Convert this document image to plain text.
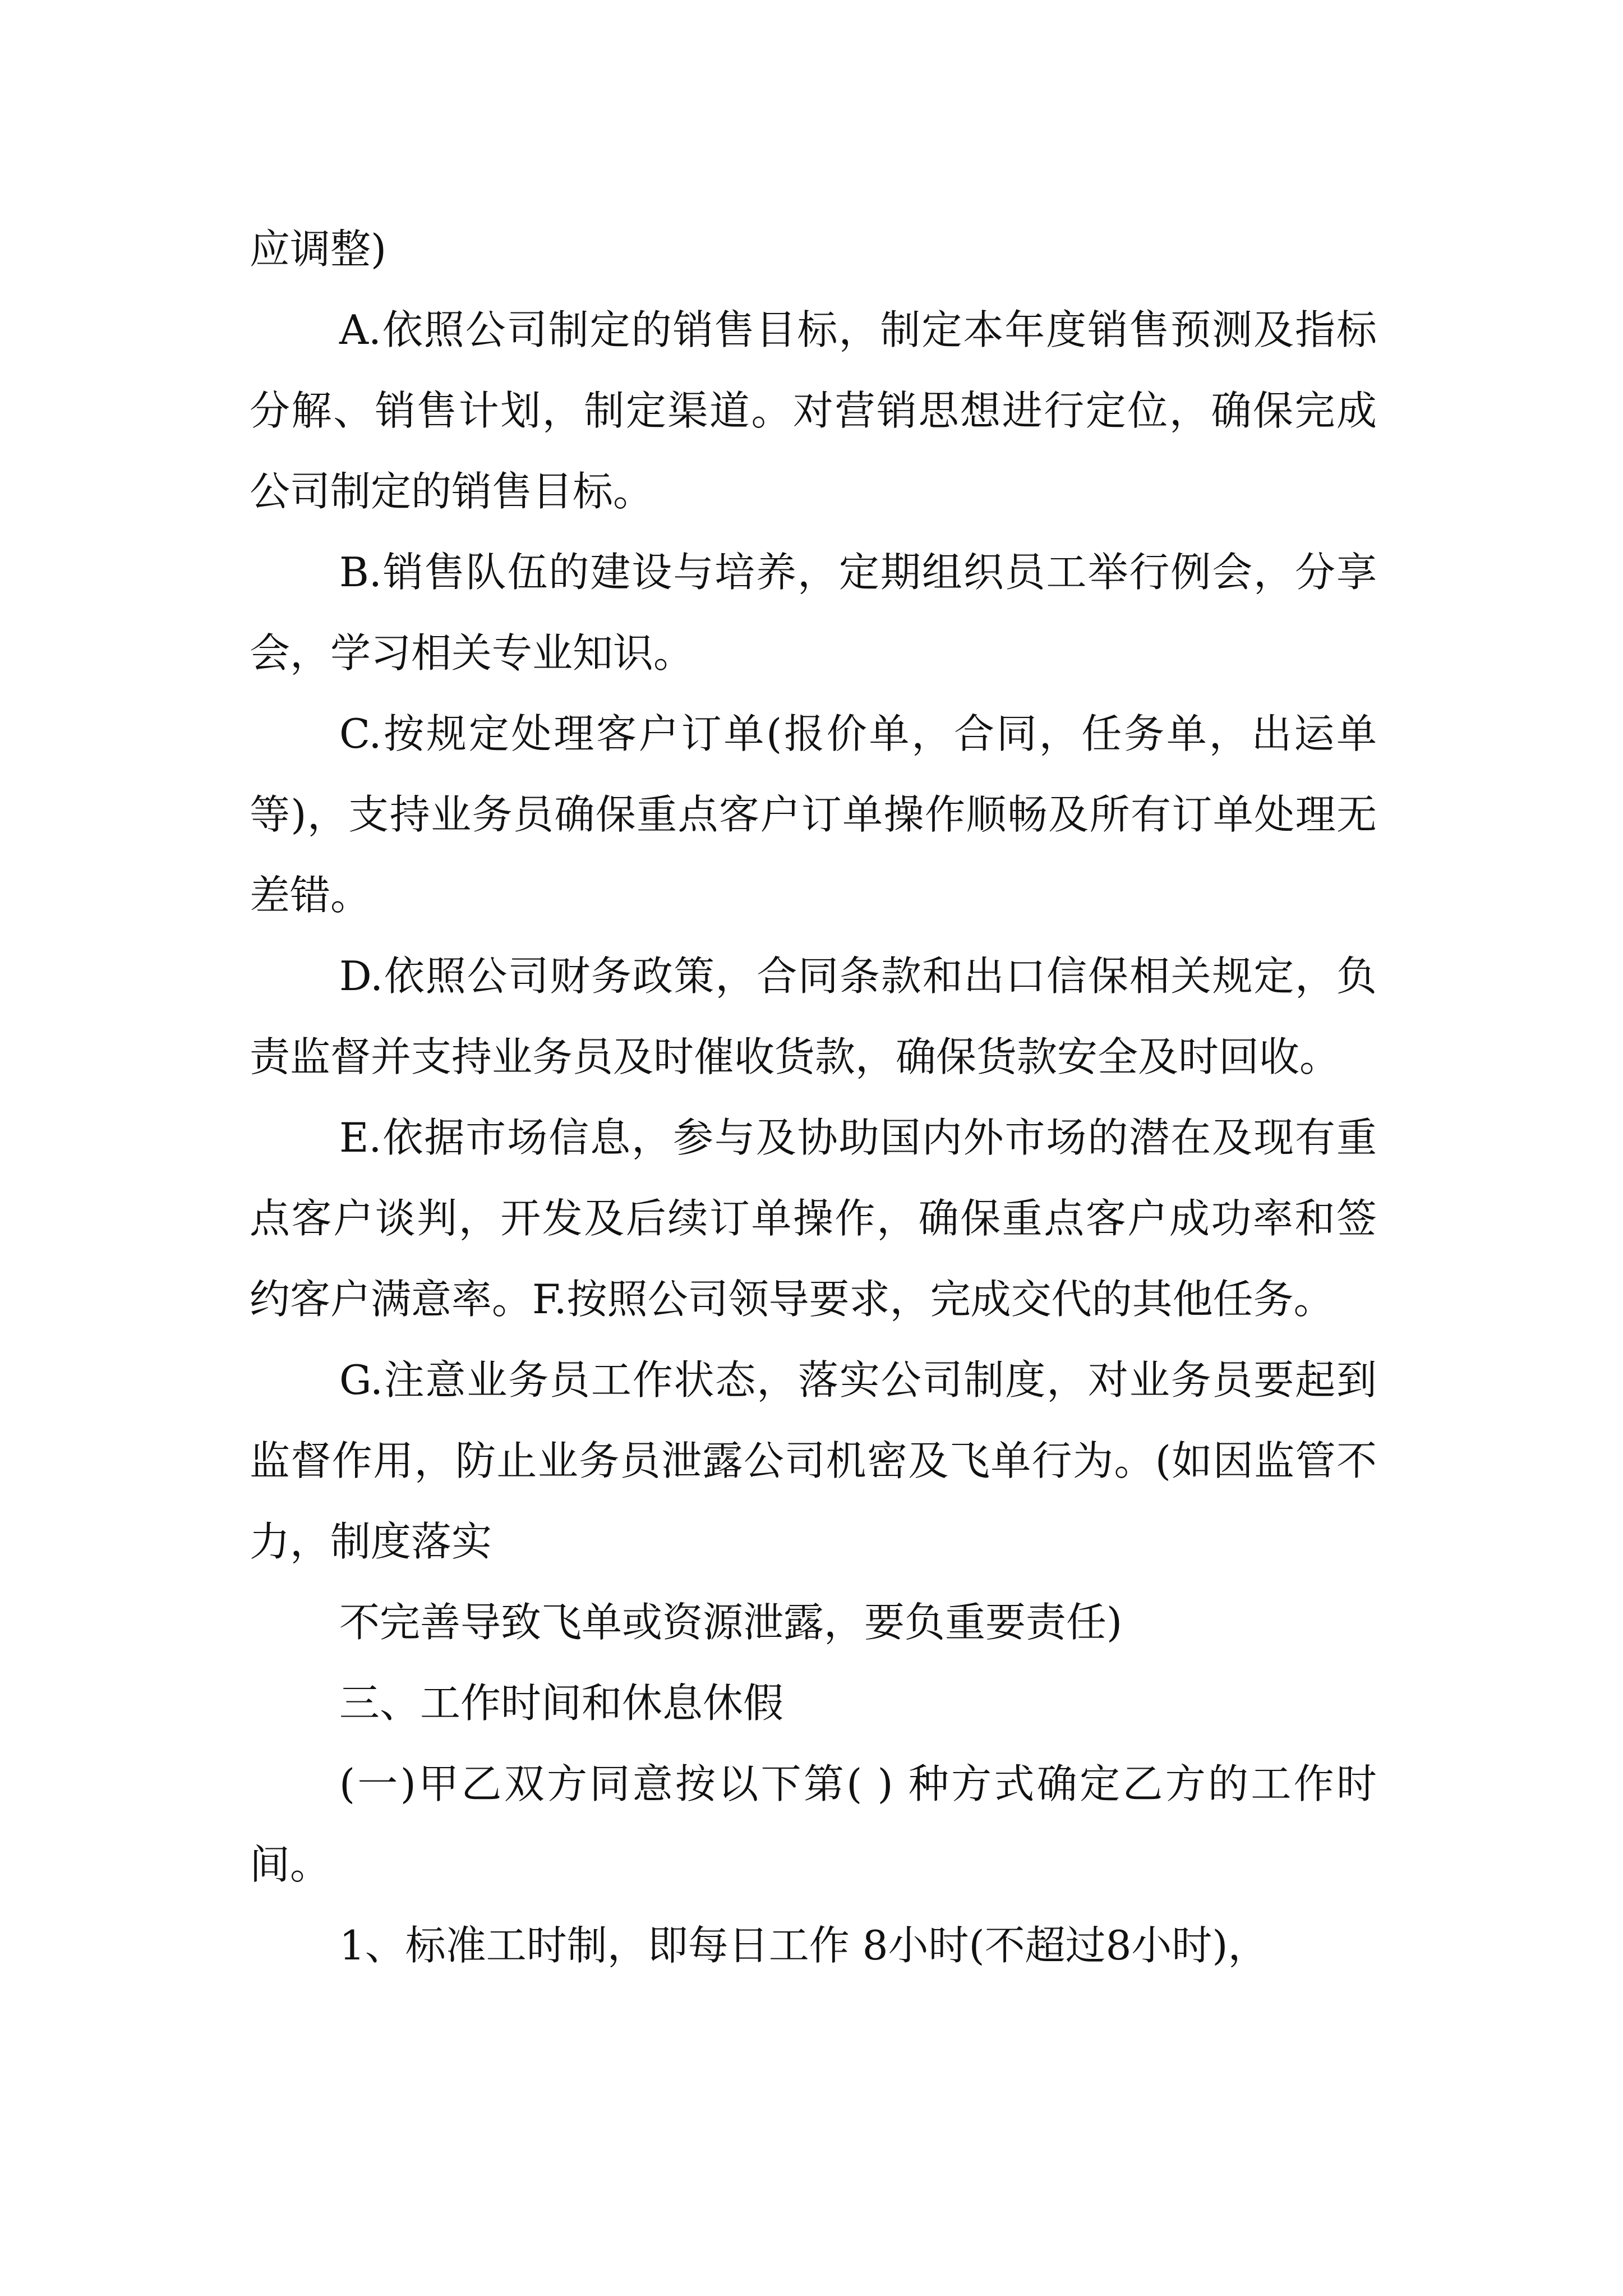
应调整)

A.依照公司制定的销售目标，制定本年度销售预测及指标分解、销售计划，制定渠道。对营销思想进行定位，确保完成公司制定的销售目标。

B.销售队伍的建设与培养，定期组织员工举行例会，分享会，学习相关专业知识。

C.按规定处理客户订单(报价单，合同，任务单，出运单等)，支持业务员确保重点客户订单操作顺畅及所有订单处理无差错。

D.依照公司财务政策，合同条款和出口信保相关规定，负责监督并支持业务员及时催收货款，确保货款安全及时回收。

E.依据市场信息，参与及协助国内外市场的潜在及现有重点客户谈判，开发及后续订单操作，确保重点客户成功率和签约客户满意率。F.按照公司领导要求，完成交代的其他任务。

G.注意业务员工作状态，落实公司制度，对业务员要起到监督作用，防止业务员泄露公司机密及飞单行为。(如因监管不力，制度落实

不完善导致飞单或资源泄露，要负重要责任)

三、工作时间和休息休假

(一)甲乙双方同意按以下第( ) 种方式确定乙方的工作时间。

1、标准工时制，即每日工作 8小时(不超过8小时)，
